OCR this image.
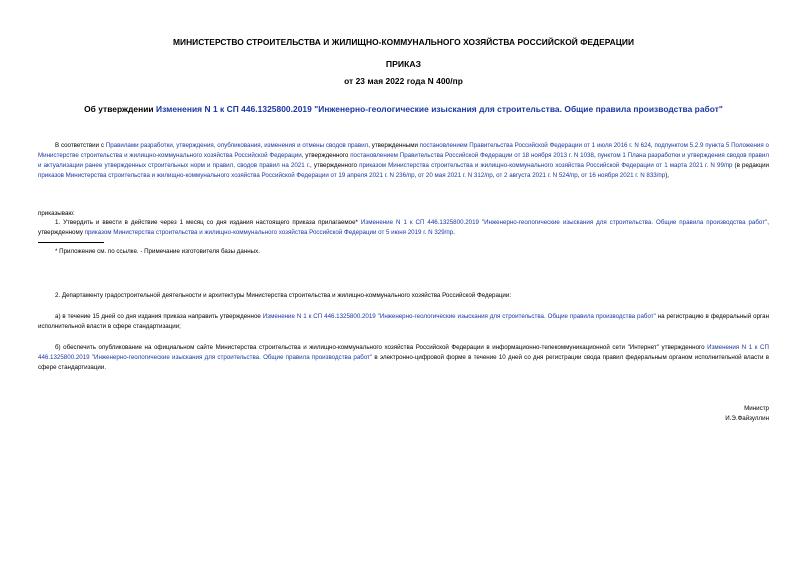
МИНИСТЕРСТВО СТРОИТЕЛЬСТВА И ЖИЛИЩНО-КОММУНАЛЬНОГО ХОЗЯЙСТВА РОССИЙСКОЙ ФЕДЕРАЦИИ
ПРИКАЗ
от 23 мая 2022 года N 400/пр
Об утверждении Изменения N 1 к СП 446.1325800.2019 "Инженерно-геологические изыскания для строительства. Общие правила производства работ"
В соответствии с Правилами разработки, утверждения, опубликования, изменения и отмены сводов правил, утвержденными постановлением Правительства Российской Федерации от 1 июля 2016 г. N 624, подпунктом 5.2.9 пункта 5 Положения о Министерстве строительства и жилищно-коммунального хозяйства Российской Федерации, утвержденного постановлением Правительства Российской Федерации от 18 ноября 2013 г. N 1038, пунктом 1 Плана разработки и утверждения сводов правил и актуализации ранее утвержденных строительных норм и правил, сводов правил на 2021 г., утвержденного приказом Министерства строительства и жилищно-коммунального хозяйства Российской Федерации от 1 марта 2021 г. N 99/пр (в редакции приказов Министерства строительства и жилищно-коммунального хозяйства Российской Федерации от 19 апреля 2021 г. N 236/пр, от 20 мая 2021 г. N 312/пр, от 2 августа 2021 г. N 524/пр, от 16 ноября 2021 г. N 833/пр),
приказываю:
1. Утвердить и ввести в действие через 1 месяц со дня издания настоящего приказа прилагаемое* Изменение N 1 к СП 446.1325800.2019 "Инженерно-геологические изыскания для строительства. Общие правила производства работ", утвержденному приказом Министерства строительства и жилищно-коммунального хозяйства Российской Федерации от 5 июня 2019 г. N 329/пр.
* Приложение см. по ссылке. - Примечание изготовителя базы данных.
2. Департаменту градостроительной деятельности и архитектуры Министерства строительства и жилищно-коммунального хозяйства Российской Федерации:
а) в течение 15 дней со дня издания приказа направить утвержденное Изменение N 1 к СП 446.1325800.2019 "Инженерно-геологические изыскания для строительства. Общие правила производства работ" на регистрацию в федеральный орган исполнительной власти в сфере стандартизации;
б) обеспечить опубликование на официальном сайте Министерства строительства и жилищно-коммунального хозяйства Российской Федерации в информационно-телекоммуникационной сети "Интернет" утвержденного Изменения N 1 к СП 446.1325800.2019 "Инженерно-геологические изыскания для строительства. Общие правила производства работ" в электронно-цифровой форме в течение 10 дней со дня регистрации свода правил федеральным органом исполнительной власти в сфере стандартизации.
Министр
И.Э.Файзуллин
